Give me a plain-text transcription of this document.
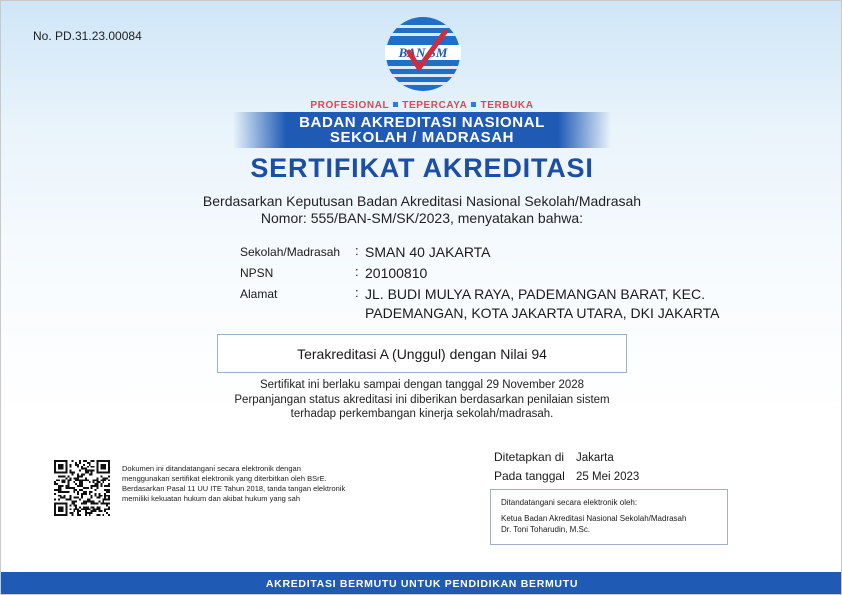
No. PD.31.23.00084
BAN SM
PROFESIONAL TEPERCAYA TERBUKA
BADAN AKREDITASI NASIONAL
SEKOLAH / MADRASAH
SERTIFIKAT AKREDITASI
Berdasarkan Keputusan Badan Akreditasi Nasional Sekolah/Madrasah
Nomor: 555/BAN-SM/SK/2023, menyatakan bahwa:
Sekolah/Madrasah	: SMAN 40 JAKARTA
NPSN	: 20100810
Alamat	: JL. BUDI MULYA RAYA, PADEMANGAN BARAT, KEC. PADEMANGAN, KOTA JAKARTA UTARA, DKI JAKARTA
Terakreditasi A (Unggul) dengan Nilai 94
Sertifikat ini berlaku sampai dengan tanggal 29 November 2028
Perpanjangan status akreditasi ini diberikan berdasarkan penilaian sistem
terhadap perkembangan kinerja sekolah/madrasah.
Dokumen ini ditandatangani secara elektronik dengan
menggunakan sertifikat elektronik yang diterbitkan oleh BSrE.
Berdasarkan Pasal 11 UU ITE Tahun 2018, tanda tangan elektronik
memiliki kekuatan hukum dan akibat hukum yang sah
Ditetapkan di Jakarta
Pada tanggal 25 Mei 2023
Ditandatangani secara elektronik oleh:
Ketua Badan Akreditasi Nasional Sekolah/Madrasah
Dr. Toni Toharudin, M.Sc.
AKREDITASI BERMUTU UNTUK PENDIDIKAN BERMUTU
